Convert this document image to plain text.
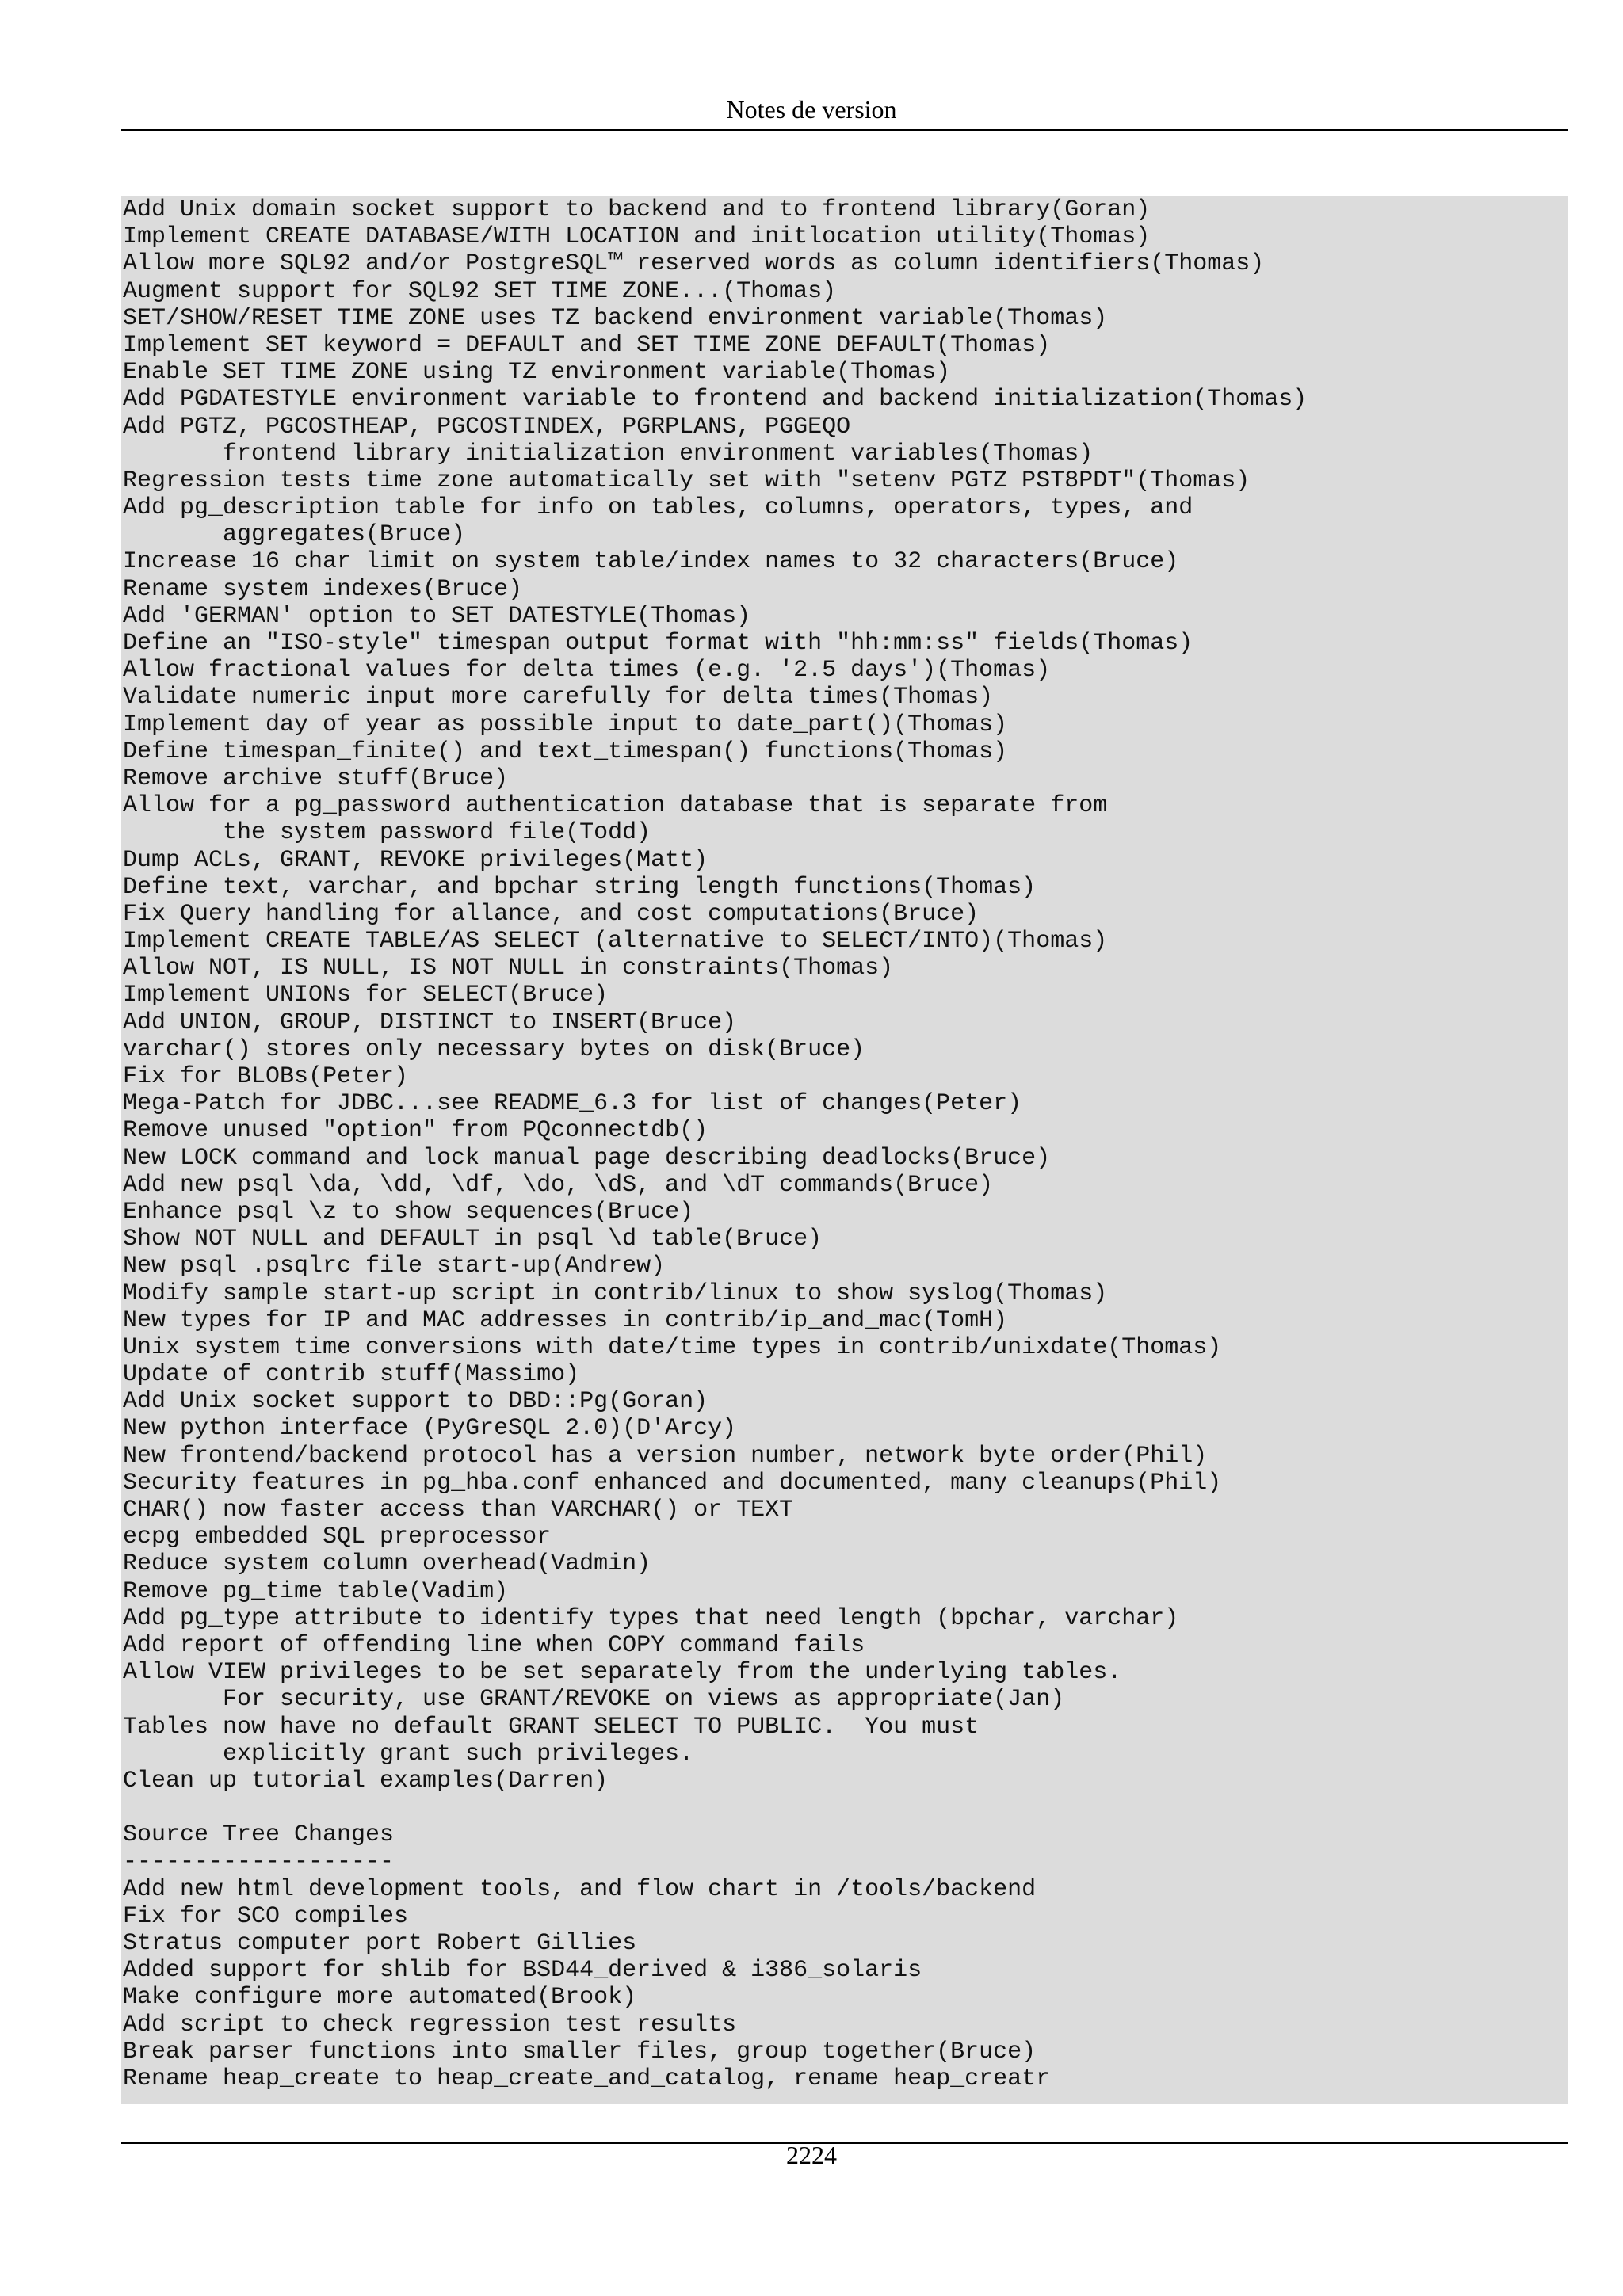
Notes de version
Add Unix domain socket support to backend and to frontend library(Goran)
Implement CREATE DATABASE/WITH LOCATION and initlocation utility(Thomas)
Allow more SQL92 and/or PostgreSQL™ reserved words as column identifiers(Thomas)
Augment support for SQL92 SET TIME ZONE...(Thomas)
SET/SHOW/RESET TIME ZONE uses TZ backend environment variable(Thomas)
Implement SET keyword = DEFAULT and SET TIME ZONE DEFAULT(Thomas)
Enable SET TIME ZONE using TZ environment variable(Thomas)
Add PGDATESTYLE environment variable to frontend and backend initialization(Thomas)
Add PGTZ, PGCOSTHEAP, PGCOSTINDEX, PGRPLANS, PGGEQO
frontend library initialization environment variables(Thomas)
Regression tests time zone automatically set with "setenv PGTZ PST8PDT"(Thomas)
Add pg_description table for info on tables, columns, operators, types, and
aggregates(Bruce)
Increase 16 char limit on system table/index names to 32 characters(Bruce)
Rename system indexes(Bruce)
Add 'GERMAN' option to SET DATESTYLE(Thomas)
Define an "ISO-style" timespan output format with "hh:mm:ss" fields(Thomas)
Allow fractional values for delta times (e.g. '2.5 days')(Thomas)
Validate numeric input more carefully for delta times(Thomas)
Implement day of year as possible input to date_part()(Thomas)
Define timespan_finite() and text_timespan() functions(Thomas)
Remove archive stuff(Bruce)
Allow for a pg_password authentication database that is separate from
the system password file(Todd)
Dump ACLs, GRANT, REVOKE privileges(Matt)
Define text, varchar, and bpchar string length functions(Thomas)
Fix Query handling for allance, and cost computations(Bruce)
Implement CREATE TABLE/AS SELECT (alternative to SELECT/INTO)(Thomas)
Allow NOT, IS NULL, IS NOT NULL in constraints(Thomas)
Implement UNIONs for SELECT(Bruce)
Add UNION, GROUP, DISTINCT to INSERT(Bruce)
varchar() stores only necessary bytes on disk(Bruce)
Fix for BLOBs(Peter)
Mega-Patch for JDBC...see README_6.3 for list of changes(Peter)
Remove unused "option" from PQconnectdb()
New LOCK command and lock manual page describing deadlocks(Bruce)
Add new psql \da, \dd, \df, \do, \dS, and \dT commands(Bruce)
Enhance psql \z to show sequences(Bruce)
Show NOT NULL and DEFAULT in psql \d table(Bruce)
New psql .psqlrc file start-up(Andrew)
Modify sample start-up script in contrib/linux to show syslog(Thomas)
New types for IP and MAC addresses in contrib/ip_and_mac(TomH)
Unix system time conversions with date/time types in contrib/unixdate(Thomas)
Update of contrib stuff(Massimo)
Add Unix socket support to DBD::Pg(Goran)
New python interface (PyGreSQL 2.0)(D'Arcy)
New frontend/backend protocol has a version number, network byte order(Phil)
Security features in pg_hba.conf enhanced and documented, many cleanups(Phil)
CHAR() now faster access than VARCHAR() or TEXT
ecpg embedded SQL preprocessor
Reduce system column overhead(Vadmin)
Remove pg_time table(Vadim)
Add pg_type attribute to identify types that need length (bpchar, varchar)
Add report of offending line when COPY command fails
Allow VIEW privileges to be set separately from the underlying tables.
For security, use GRANT/REVOKE on views as appropriate(Jan)
Tables now have no default GRANT SELECT TO PUBLIC.  You must
explicitly grant such privileges.
Clean up tutorial examples(Darren)
Source Tree Changes
-------------------
Add new html development tools, and flow chart in /tools/backend
Fix for SCO compiles
Stratus computer port Robert Gillies
Added support for shlib for BSD44_derived & i386_solaris
Make configure more automated(Brook)
Add script to check regression test results
Break parser functions into smaller files, group together(Bruce)
Rename heap_create to heap_create_and_catalog, rename heap_creatr
2224
